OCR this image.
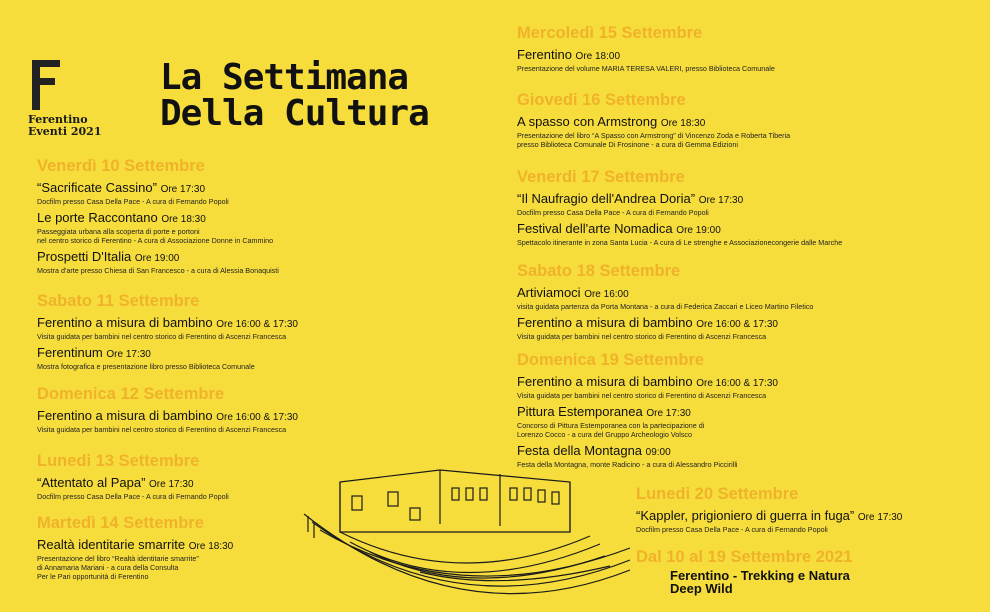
Arte
Ferentino
Eventi 2021
La Settimana
Della Cultura

Venerdì 10 Settembre

“Sacrificate Cassino” Ore 17:30

Docfilm presso Casa Della Pace - A cura di Fernando Popoli

Le porte Raccontano Ore 18:30

Passeggiata urbana alla scoperta di porte e portoni

nel centro storico di Ferentino - A cura di Associazione Donne in Cammino

Prospetti D'Italia Ore 19:00

Mostra d'arte presso Chiesa di San Francesco - a cura di Alessia Bonaquisti

Sabato 11 Settembre

Ferentino a misura di bambino Ore 16:00 & 17:30

Visita guidata per bambini nel centro storico di Ferentino di Ascenzi Francesca

Ferentinum Ore 17:30

Mostra fotografica e presentazione libro presso Biblioteca Comunale

Domenica 12 Settembre

Ferentino a misura di bambino Ore 16:00 & 17:30

Visita guidata per bambini nel centro storico di Ferentino di Ascenzi Francesca

Lunedi 13 Settembre

“Attentato al Papa” Ore 17:30

Docfilm presso Casa Della Pace - A cura di Fernando Popoli

Martedì 14 Settembre

Realtà identitarie smarrite Ore 18:30

Presentazione del libro “Realtà identitarie smarrite”

di Annamaria Mariani - a cura della Consulta

Per le Pari opportunità di Ferentino

Mercoledì 15 Settembre

Ferentino Ore 18:00

Presentazione del volume MARIA TERESA VALERI, presso Biblioteca Comunale

Giovedi 16 Settembre

A spasso con Armstrong Ore 18:30

Presentazione del libro “A Spasso con Armstrong” di Vincenzo Zoda e Roberta Tiberia

presso Biblioteca Comunale Di Frosinone - a cura di Gemma Edizioni

Venerdi 17 Settembre

“Il Naufragio dell'Andrea Doria” Ore 17:30

Docfilm presso Casa Della Pace - A cura di Fernando Popoli

Festival dell'arte Nomadica Ore 19:00

Spettacolo itinerante in zona Santa Lucia - A cura di Le strenghe e Associazionecongerie dalle Marche

Sabato 18 Settembre

Artiviamoci Ore 16:00

visita guidata partenza da Porta Montana - a cura di Federica Zaccari e Liceo Martino Filetico

Ferentino a misura di bambino Ore 16:00 & 17:30

Visita guidata per bambini nel centro storico di Ferentino di Ascenzi Francesca

Domenica 19 Settembre

Ferentino a misura di bambino Ore 16:00 & 17:30

Visita guidata per bambini nel centro storico di Ferentino di Ascenzi Francesca

Pittura Estemporanea Ore 17:30

Concorso di Pittura Estemporanea con la partecipazione di

Lorenzo Cocco - a cura del Gruppo Archeologio Volsco

Festa della Montagna 09:00

Festa della Montagna, monte Radicino - a cura di Alessandro Piccirilli

Lunedi 20 Settembre

“Kappler, prigioniero di guerra in fuga” Ore 17:30

Docfilm presso Casa Della Pace - A cura di Fernando Popoli

Dal 10 al 19 Settembre 2021

Ferentino - Trekking e Natura
Deep Wild
